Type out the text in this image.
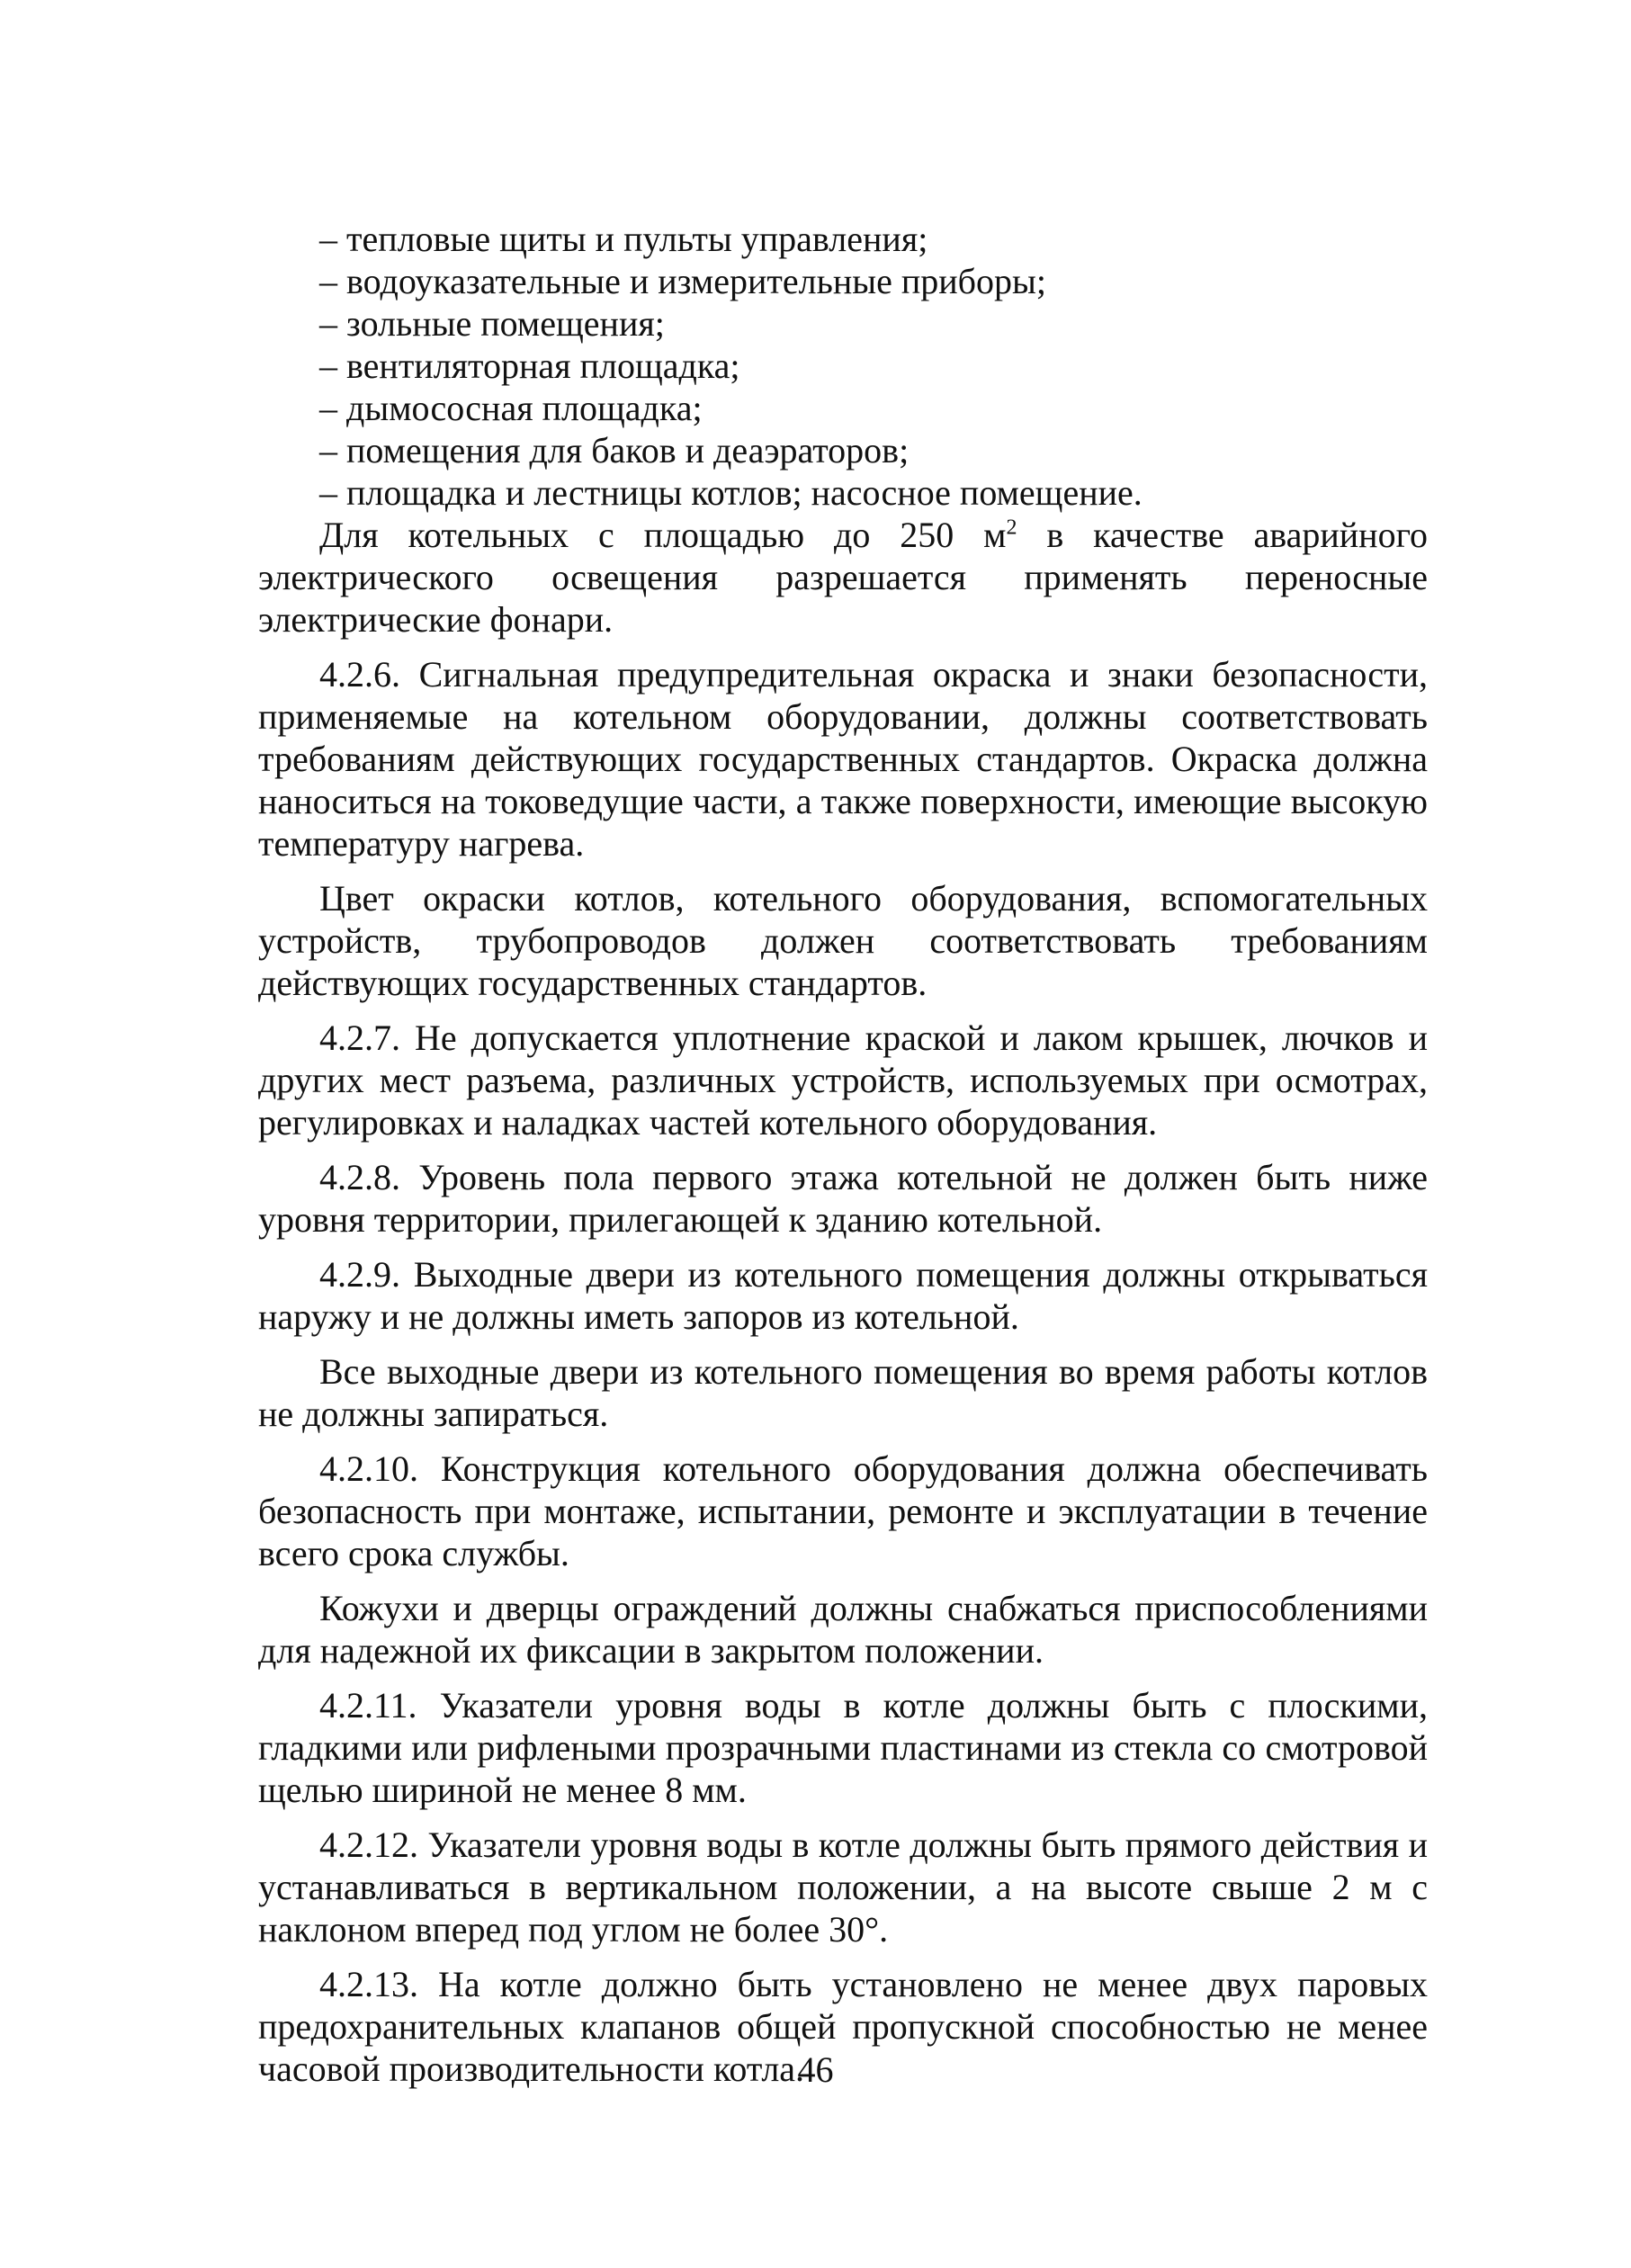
– тепловые щиты и пульты управления;
– водоуказательные и измерительные приборы;
– зольные помещения;
– вентиляторная площадка;
– дымососная площадка;
– помещения для баков и деаэраторов;
– площадка и лестницы котлов; насосное помещение.

Для котельных с площадью до 250 $м^2$ в качестве аварийного электрического освещения разрешается применять переносные электрические фонари.

4.2.6. Сигнальная предупредительная окраска и знаки безопасности, применяемые на котельном оборудовании, должны соответствовать требованиям действующих государственных стандартов. Окраска должна наноситься на токоведущие части, а также поверхности, имеющие высокую температуру нагрева.

Цвет окраски котлов, котельного оборудования, вспомогательных устройств, трубопроводов должен соответствовать требованиям действующих государственных стандартов.

4.2.7. Не допускается уплотнение краской и лаком крышек, лючков и других мест разъема, различных устройств, используемых при осмотрах, регулировках и наладках частей котельного оборудования.

4.2.8. Уровень пола первого этажа котельной не должен быть ниже уровня территории, прилегающей к зданию котельной.

4.2.9. Выходные двери из котельного помещения должны открываться наружу и не должны иметь запоров из котельной.

Все выходные двери из котельного помещения во время работы котлов не должны запираться.

4.2.10. Конструкция котельного оборудования должна обеспечивать безопасность при монтаже, испытании, ремонте и эксплуатации в течение всего срока службы.

Кожухи и дверцы ограждений должны снабжаться приспособлениями для надежной их фиксации в закрытом положении.

4.2.11. Указатели уровня воды в котле должны быть с плоскими, гладкими или рифлеными прозрачными пластинами из стекла со смотровой щелью шириной не менее 8 мм.

4.2.12. Указатели уровня воды в котле должны быть прямого действия и устанавливаться в вертикальном положении, а на высоте свыше 2 м с наклоном вперед под углом не более 30°.

4.2.13. На котле должно быть установлено не менее двух паровых предохранительных клапанов общей пропускной способностью не менее часовой производительности котла.

46
